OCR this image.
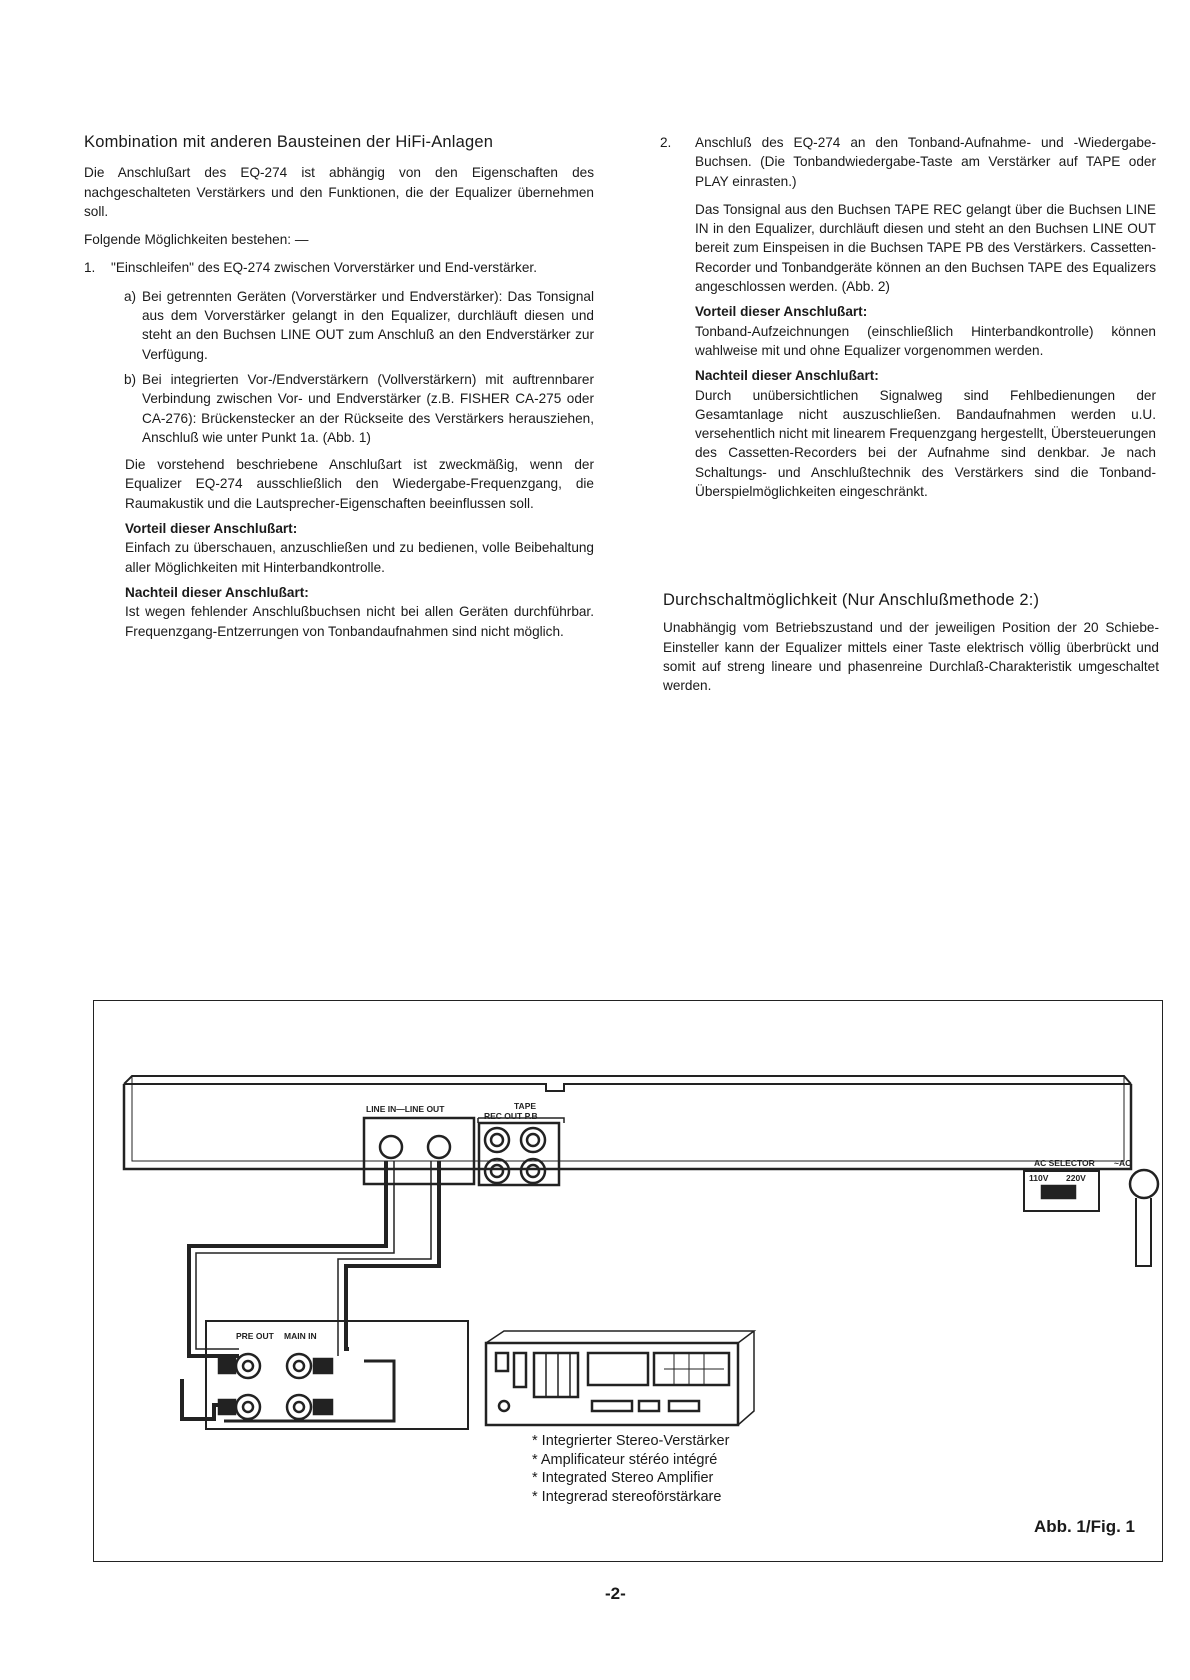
Kombination mit anderen Bausteinen der HiFi-Anlagen

Die Anschlußart des EQ-274 ist abhängig von den Eigenschaften des nachgeschalteten Verstärkers und den Funktionen, die der Equalizer übernehmen soll.

Folgende Möglichkeiten bestehen: —

1.	"Einschleifen" des EQ-274 zwischen Vorverstärker und End-verstärker.
a) Bei getrennten Geräten (Vorverstärker und Endverstärker): Das Tonsignal aus dem Vorverstärker gelangt in den Equalizer, durchläuft diesen und steht an den Buchsen LINE OUT zum Anschluß an den Endverstärker zur Verfügung.
b) Bei integrierten Vor-/Endverstärkern (Vollverstärkern) mit auftrennbarer Verbindung zwischen Vor- und Endverstärker (z.B. FISHER CA-275 oder CA-276): Brückenstecker an der Rückseite des Verstärkers herausziehen, Anschluß wie unter Punkt 1a. (Abb. 1)

Die vorstehend beschriebene Anschlußart ist zweckmäßig, wenn der Equalizer EQ-274 ausschließlich den Wiedergabe-Frequenzgang, die Raumakustik und die Lautsprecher-Eigenschaften beeinflussen soll.

Vorteil dieser Anschlußart:

Einfach zu überschauen, anzuschließen und zu bedienen, volle Beibehaltung aller Möglichkeiten mit Hinterbandkontrolle.

Nachteil dieser Anschlußart:

Ist wegen fehlender Anschlußbuchsen nicht bei allen Geräten durchführbar. Frequenzgang-Entzerrungen von Tonbandaufnahmen sind nicht möglich.

2.	Anschluß des EQ-274 an den Tonband-Aufnahme- und -Wiedergabe-Buchsen. (Die Tonbandwiedergabe-Taste am Verstärker auf TAPE oder PLAY einrasten.)

Das Tonsignal aus den Buchsen TAPE REC gelangt über die Buchsen LINE IN in den Equalizer, durchläuft diesen und steht an den Buchsen LINE OUT bereit zum Einspeisen in die Buchsen TAPE PB des Verstärkers. Cassetten-Recorder und Tonbandgeräte können an den Buchsen TAPE des Equalizers angeschlossen werden. (Abb. 2)

Vorteil dieser Anschlußart:

Tonband-Aufzeichnungen (einschließlich Hinterbandkontrolle) können wahlweise mit und ohne Equalizer vorgenommen werden.

Nachteil dieser Anschlußart:

Durch unübersichtlichen Signalweg sind Fehlbedienungen der Gesamtanlage nicht auszuschließen. Bandaufnahmen werden u.U. versehentlich nicht mit linearem Frequenzgang hergestellt, Übersteuerungen des Cassetten-Recorders bei der Aufnahme sind denkbar. Je nach Schaltungs- und Anschlußtechnik des Verstärkers sind die Tonband-Überspielmöglichkeiten eingeschränkt.

Durchschaltmöglichkeit (Nur Anschlußmethode 2:)

Unabhängig vom Betriebszustand und der jeweiligen Position der 20 Schiebe-Einsteller kann der Equalizer mittels einer Taste elektrisch völlig überbrückt und somit auf streng lineare und phasenreine Durchlaß-Charakteristik umgeschaltet werden.

LINE IN—LINE OUT	TAPE
REC OUT P.B
AC SELECTOR
110V 220V
~AC
PRE OUT MAIN IN
* Integrierter Stereo-Verstärker
* Amplificateur stéréo intégré
* Integrated Stereo Amplifier
* Integrerad stereoförstärkare
Abb. 1/Fig. 1
-2-
